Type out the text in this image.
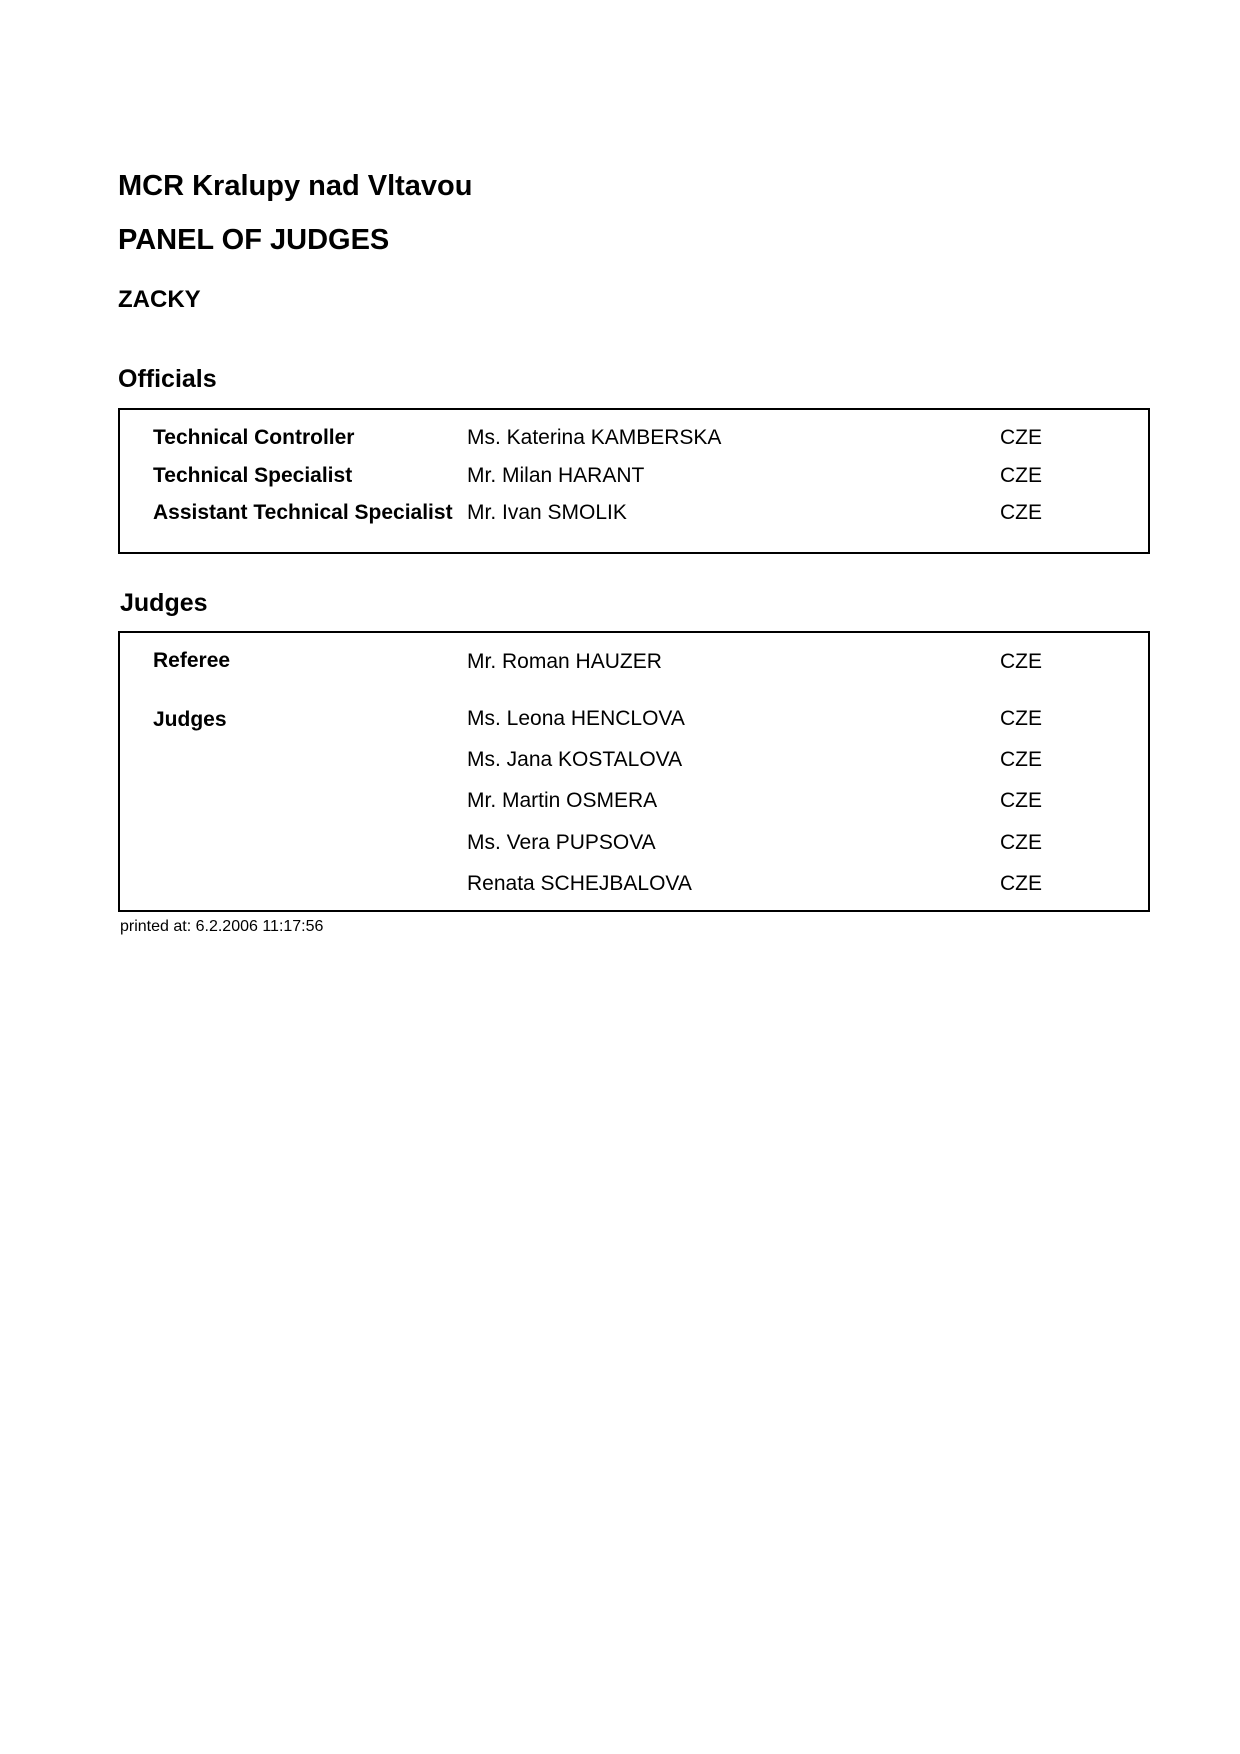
MCR Kralupy nad Vltavou
PANEL OF JUDGES
ZACKY
Officials
Technical Controller	Ms. Katerina KAMBERSKA	CZE
Technical Specialist	Mr. Milan HARANT	CZE
Assistant Technical Specialist Mr. Ivan SMOLIK	CZE
Judges
Referee	Mr. Roman HAUZER	CZE
Judges	Ms. Leona HENCLOVA	CZE
Ms. Jana KOSTALOVA	CZE
Mr. Martin OSMERA	CZE
Ms. Vera PUPSOVA	CZE
Renata SCHEJBALOVA	CZE
printed at: 6.2.2006 11:17:56
